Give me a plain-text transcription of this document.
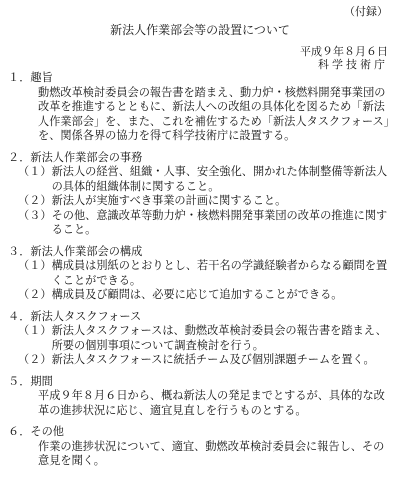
（付録）
新法人作業部会等の設置について
平成９年８月６日
科学技術庁
１．趣旨
動燃改革検討委員会の報告書を踏まえ、動力炉・核燃料開発事業団の改革を推進するとともに、新法人への改組の具体化を図るため「新法人作業部会」を、また、これを補佐するため「新法人タスクフォース」を、関係各界の協力を得て科学技術庁に設置する。
２．新法人作業部会の事務
（１） 新法人の経営、組織・人事、安全強化、開かれた体制整備等新法人の具体的組織体制に関すること。
（２） 新法人が実施すべき事業の計画に関すること。
（３） その他、意識改革等動力炉・核燃料開発事業団の改革の推進に関すること。
３．新法人作業部会の構成
（１） 構成員は別紙のとおりとし、若干名の学識経験者からなる顧問を置くことができる。
（２） 構成員及び顧問は、必要に応じて追加することができる。
４．新法人タスクフォース
（１） 新法人タスクフォースは、動燃改革検討委員会の報告書を踏まえ、所要の個別事項について調査検討を行う。
（２） 新法人タスクフォースに統括チーム及び個別課題チームを置く。
５．期間
平成９年８月６日から、概ね新法人の発足までとするが、具体的な改革の進捗状況に応じ、適宜見直しを行うものとする。
６．その他
作業の進捗状況について、適宜、動燃改革検討委員会に報告し、その意見を聞く。
